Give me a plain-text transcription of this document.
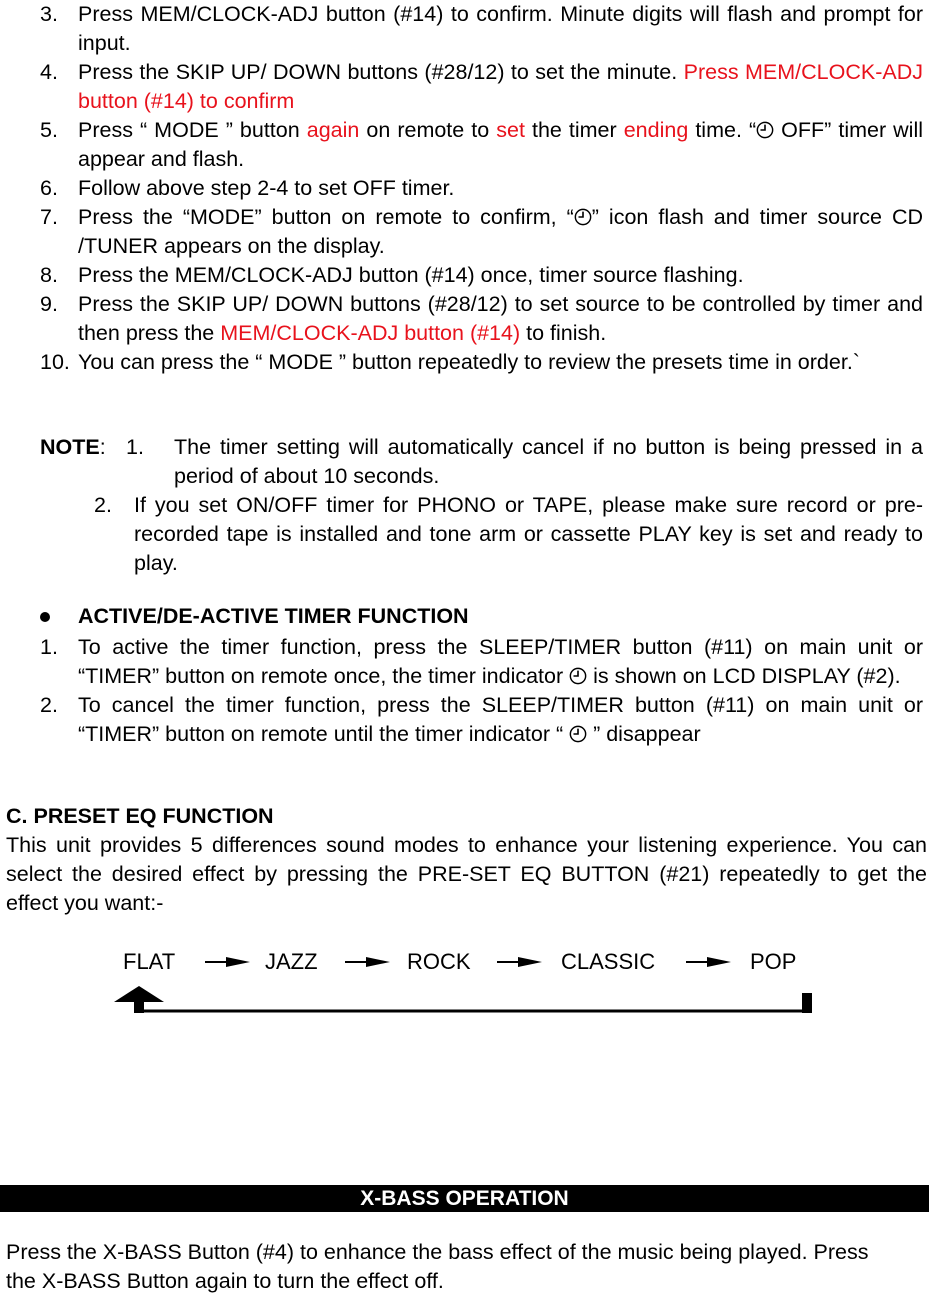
3. Press MEM/CLOCK-ADJ button (#14) to confirm. Minute digits will flash and prompt for input.
4. Press the SKIP UP/ DOWN buttons (#28/12) to set the minute. Press MEM/CLOCK-ADJ button (#14) to confirm
5. Press “ MODE ” button again on remote to set the timer ending time. “ OFF” timer will appear and flash.
6. Follow above step 2-4 to set OFF timer.
7. Press the “MODE” button on remote to confirm, “ ” icon flash and timer source CD /TUNER appears on the display.
8. Press the MEM/CLOCK-ADJ button (#14) once, timer source flashing.
9. Press the SKIP UP/ DOWN buttons (#28/12) to set source to be controlled by timer and then press the MEM/CLOCK-ADJ button (#14) to finish.
10. You can press the “ MODE ” button repeatedly to review the presets time in order.`
NOTE: 1.	The timer setting will automatically cancel if no button is being pressed in a period of about 10 seconds.
2.	If you set ON/OFF timer for PHONO or TAPE, please make sure record or pre-recorded tape is installed and tone arm or cassette PLAY key is set and ready to play.
ACTIVE/DE-ACTIVE TIMER FUNCTION
1. To active the timer function, press the SLEEP/TIMER button (#11) on main unit or “TIMER” button on remote once, the timer indicator  is shown on LCD DISPLAY (#2).
2. To cancel the timer function, press the SLEEP/TIMER button (#11) on main unit or “TIMER” button on remote until the timer indicator “  ” disappear
C. PRESET EQ FUNCTION
This unit provides 5 differences sound modes to enhance your listening experience. You can select the desired effect by pressing the PRE-SET EQ BUTTON (#21) repeatedly to get the effect you want:-
FLAT	JAZZ	ROCK	CLASSIC	POP
X-BASS OPERATION
Press the X-BASS Button (#4) to enhance the bass effect of the music being played. Press the X-BASS Button again to turn the effect off.
